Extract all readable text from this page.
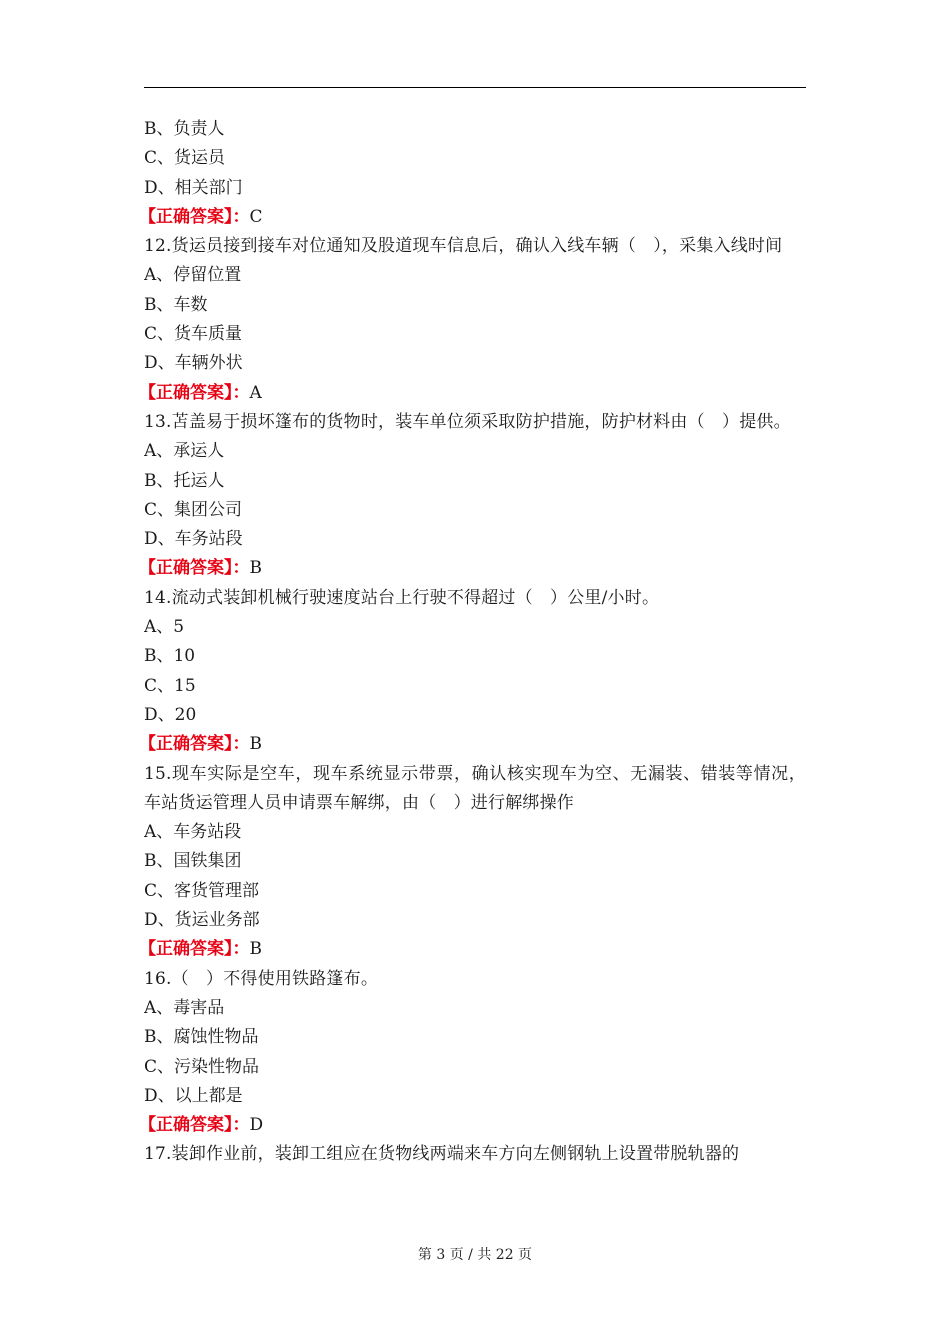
B、负责人
C、货运员
D、相关部门
【正确答案】：C
12.货运员接到接车对位通知及股道现车信息后，确认入线车辆（　），采集入线时间
A、停留位置
B、车数
C、货车质量
D、车辆外状
【正确答案】：A
13.苫盖易于损坏篷布的货物时，装车单位须采取防护措施，防护材料由（　）提供。
A、承运人
B、托运人
C、集团公司
D、车务站段
【正确答案】：B
14.流动式装卸机械行驶速度站台上行驶不得超过（　）公里/小时。
A、5
B、10
C、15
D、20
【正确答案】：B
15.现车实际是空车，现车系统显示带票，确认核实现车为空、无漏装、错装等情况，车站货运管理人员申请票车解绑，由（　）进行解绑操作
A、车务站段
B、国铁集团
C、客货管理部
D、货运业务部
【正确答案】：B
16.（　）不得使用铁路篷布。
A、毒害品
B、腐蚀性物品
C、污染性物品
D、以上都是
【正确答案】：D
17.装卸作业前，装卸工组应在货物线两端来车方向左侧钢轨上设置带脱轨器的
第 3 页 / 共 22 页
